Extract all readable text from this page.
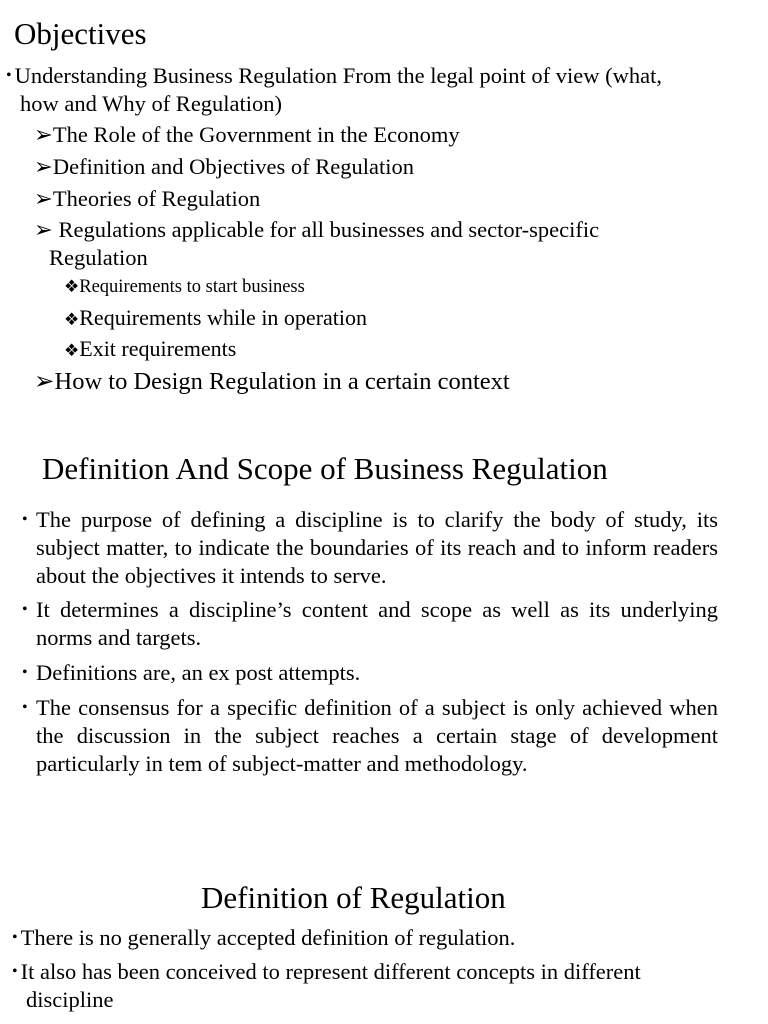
Objectives
• Understanding Business Regulation From the legal point of view (what,
how and Why of Regulation)
➢The Role of the Government in the Economy
➢Definition and Objectives of Regulation
➢Theories of Regulation
➢ Regulations applicable for all businesses and sector-specific
Regulation
❖Requirements to start business
❖Requirements while in operation
❖Exit requirements
➢How to Design Regulation in a certain context
Definition And Scope of Business Regulation
• The purpose of defining a discipline is to clarify the body of study, its subject matter, to indicate the boundaries of its reach and to inform readers about the objectives it intends to serve.
• It determines a discipline’s content and scope as well as its underlying norms and targets.
• Definitions are, an ex post attempts.
• The consensus for a specific definition of a subject is only achieved when the discussion in the subject reaches a certain stage of development particularly in tem of subject-matter and methodology.
Definition of Regulation
• There is no generally accepted definition of regulation.
• It also has been conceived to represent different concepts in different
discipline
